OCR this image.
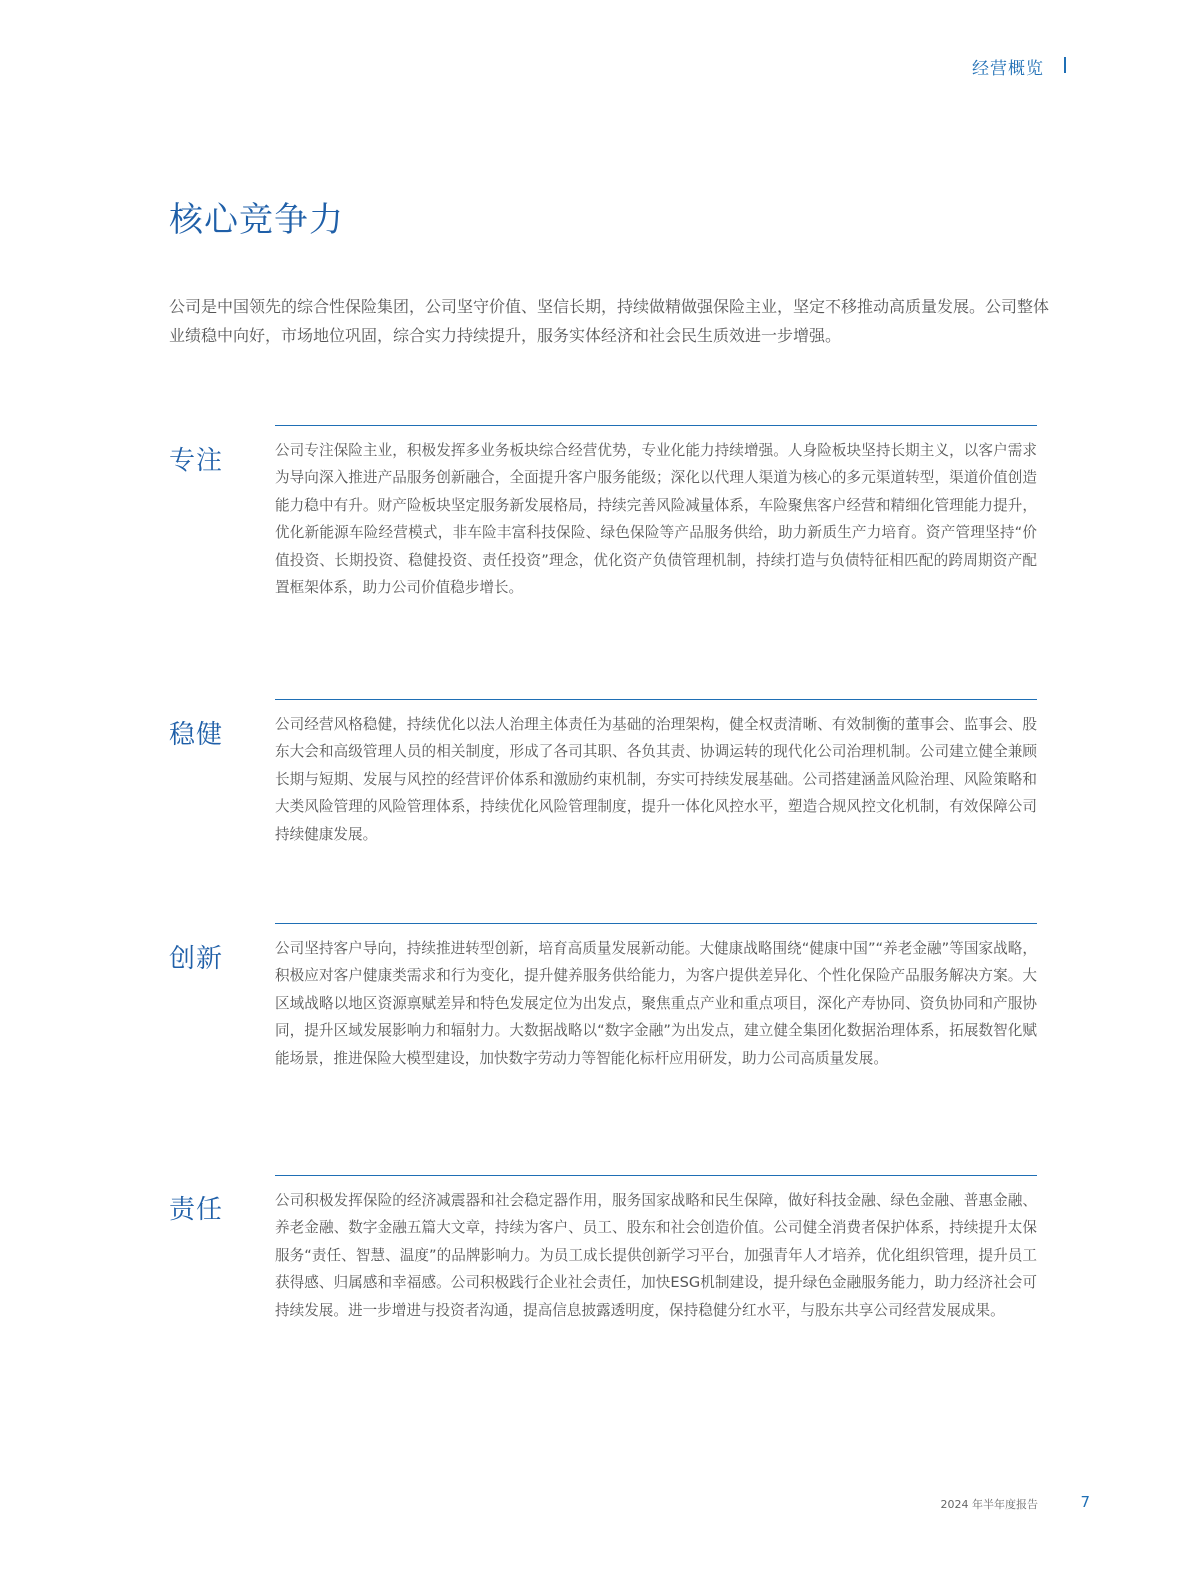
经营概览
核心竞争力

公司是中国领先的综合性保险集团，公司坚守价值、坚信长期，持续做精做强保险主业，坚定不移推动高质量发展。公司整体业绩稳中向好，市场地位巩固，综合实力持续提升，服务实体经济和社会民生质效进一步增强。

专注	公司专注保险主业，积极发挥多业务板块综合经营优势，专业化能力持续增强。人身险板块坚持长期主义，以客户需求为导向深入推进产品服务创新融合，全面提升客户服务能级；深化以代理人渠道为核心的多元渠道转型，渠道价值创造能力稳中有升。财产险板块坚定服务新发展格局，持续完善风险减量体系，车险聚焦客户经营和精细化管理能力提升，优化新能源车险经营模式，非车险丰富科技保险、绿色保险等产品服务供给，助力新质生产力培育。资产管理坚持“价值投资、长期投资、稳健投资、责任投资”理念，优化资产负债管理机制，持续打造与负债特征相匹配的跨周期资产配置框架体系，助力公司价值稳步增长。

稳健	公司经营风格稳健，持续优化以法人治理主体责任为基础的治理架构，健全权责清晰、有效制衡的董事会、监事会、股东大会和高级管理人员的相关制度，形成了各司其职、各负其责、协调运转的现代化公司治理机制。公司建立健全兼顾长期与短期、发展与风控的经营评价体系和激励约束机制，夯实可持续发展基础。公司搭建涵盖风险治理、风险策略和大类风险管理的风险管理体系，持续优化风险管理制度，提升一体化风控水平，塑造合规风控文化机制，有效保障公司持续健康发展。

创新	公司坚持客户导向，持续推进转型创新，培育高质量发展新动能。大健康战略围绕“健康中国”“养老金融”等国家战略，积极应对客户健康类需求和行为变化，提升健养服务供给能力，为客户提供差异化、个性化保险产品服务解决方案。大区域战略以地区资源禀赋差异和特色发展定位为出发点，聚焦重点产业和重点项目，深化产寿协同、资负协同和产服协同，提升区域发展影响力和辐射力。大数据战略以“数字金融”为出发点，建立健全集团化数据治理体系，拓展数智化赋能场景，推进保险大模型建设，加快数字劳动力等智能化标杆应用研发，助力公司高质量发展。

责任	公司积极发挥保险的经济减震器和社会稳定器作用，服务国家战略和民生保障，做好科技金融、绿色金融、普惠金融、养老金融、数字金融五篇大文章，持续为客户、员工、股东和社会创造价值。公司健全消费者保护体系，持续提升太保服务“责任、智慧、温度”的品牌影响力。为员工成长提供创新学习平台，加强青年人才培养，优化组织管理，提升员工获得感、归属感和幸福感。公司积极践行企业社会责任，加快ESG机制建设，提升绿色金融服务能力，助力经济社会可持续发展。进一步增进与投资者沟通，提高信息披露透明度，保持稳健分红水平，与股东共享公司经营发展成果。

2024 年半年度报告	7
